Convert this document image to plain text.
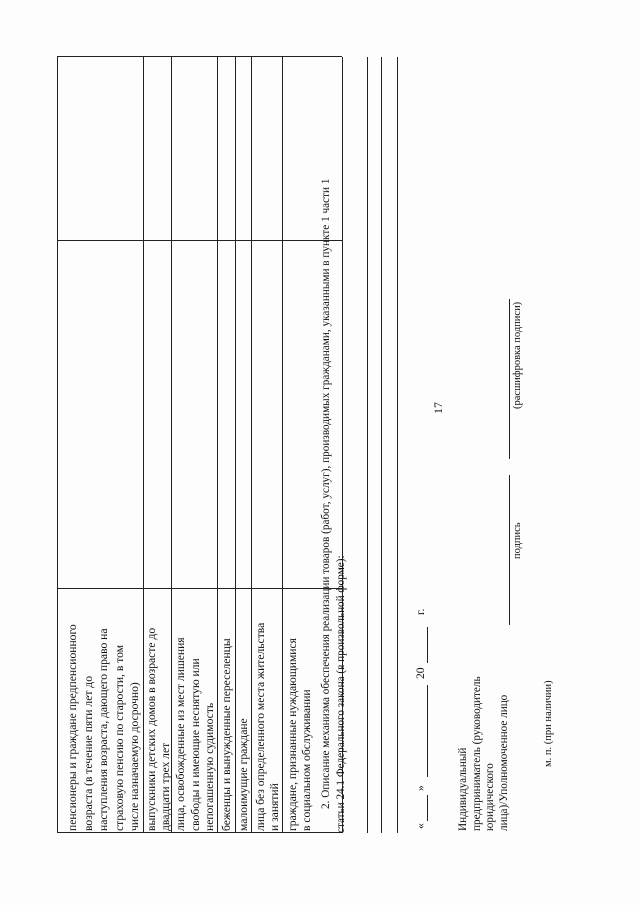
17
пенсионеры и граждане предпенсионного возраста (в течение пяти лет до наступления возраста, дающего право на страховую пенсию по старости, в том числе назначаемую досрочно) выпускники детских домов в возрасте до двадцати трех лет лица, освобожденные из мест лишения свободы и имеющие неснятую или непогашенную судимость беженцы и вынужденные переселенцы малоимущие граждане лица без определенного места жительства и занятий граждане, признанные нуждающимися в социальном обслуживании 2. Описание механизма обеспечения реализации товаров (работ, услуг), производимых гражданами, указанными в пункте 1 части 1 статьи 24.1 Федерального закона (в произвольной форме):	«
»
20
г.
Индивидуальный предприниматель (руководитель юридического лица)/Уполномоченное лицо
подпись
(расшифровка подписи)
м. п. (при наличии)
